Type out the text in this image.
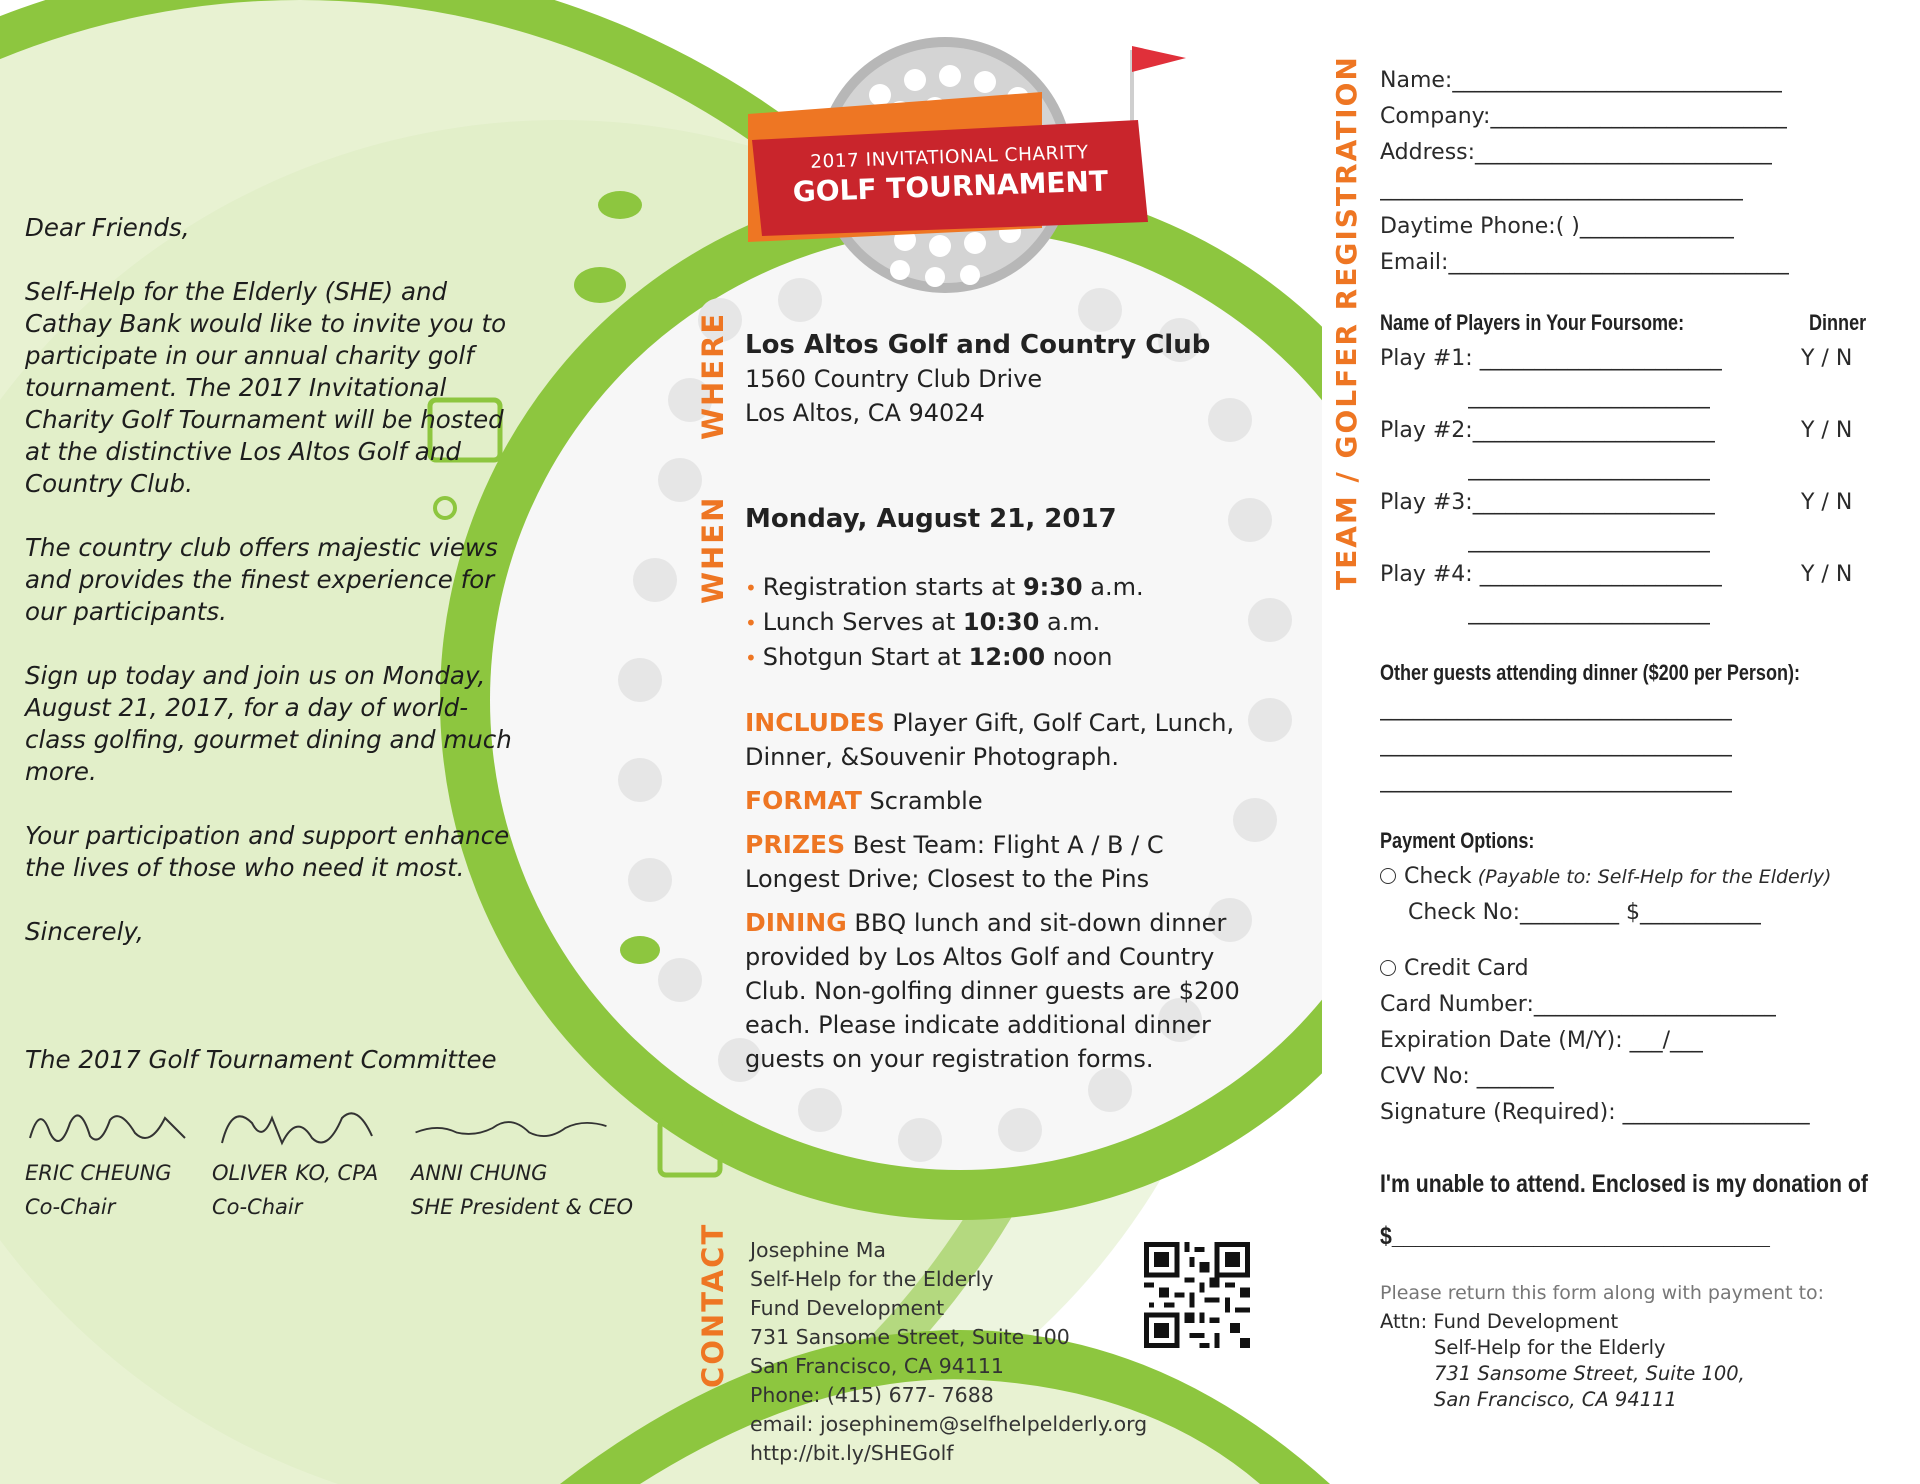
2017 INVITATIONAL CHARITY
GOLF TOURNAMENT

Dear Friends,

Self-Help for the Elderly (SHE) and Cathay Bank would like to invite you to participate in our annual charity golf tournament. The 2017 Invitational Charity Golf Tournament will be hosted at the distinctive Los Altos Golf and Country Club.

The country club offers majestic views and provides the finest experience for our participants.

Sign up today and join us on Monday, August 21, 2017, for a day of world-class golfing, gourmet dining and much more.

Your participation and support enhance the lives of those who need it most.

Sincerely,

The 2017 Golf Tournament Committee
ERIC CHEUNG
Co-Chair
OLIVER KO, CPA
Co-Chair
ANNI CHUNG
SHE President & CEO
WHERE Los Altos Golf and Country Club
1560 Country Club Drive
Los Altos, CA 94024
WHEN Monday, August 21, 2017
• Registration starts at 9:30 a.m.
• Lunch Serves at 10:30 a.m.
• Shotgun Start at 12:00 noon
INCLUDES Player Gift, Golf Cart, Lunch,
Dinner, &Souvenir Photograph.
FORMAT Scramble
PRIZES Best Team: Flight A / B / C
Longest Drive; Closest to the Pins
DINING BBQ lunch and sit-down dinner
provided by Los Altos Golf and Country
Club. Non-golfing dinner guests are $200
each. Please indicate additional dinner
guests on your registration forms.
CONTACT Josephine Ma
Self-Help for the Elderly
Fund Development
731 Sansome Street, Suite 100
San Francisco, CA 94111
Phone: (415) 677- 7688
email: josephinem@selfhelpelderly.org
http://bit.ly/SHEGolf
TEAM / GOLFER REGISTRATION Name:______________________________
Company:___________________________
Address:___________________________
_________________________________
Daytime Phone:( )______________
Email:_______________________________
Name of Players in Your Foursome:	Dinner
Play #1: ______________________	Y / N
______________________
Play #2:______________________	Y / N
______________________
Play #3:______________________	Y / N
______________________
Play #4: ______________________	Y / N
______________________
Other guests attending dinner ($200 per Person):
________________________________
________________________________
________________________________
Payment Options:
Check (Payable to: Self-Help for the Elderly)
Check No:_________ $___________
Credit Card
Card Number:______________________
Expiration Date (M/Y): ___/___
CVV No: _______
Signature (Required): _________________
I'm unable to attend. Enclosed is my donation of
$________________________________
Please return this form along with payment to:
Attn: Fund Development
Self-Help for the Elderly
731 Sansome Street, Suite 100,
San Francisco, CA 94111
